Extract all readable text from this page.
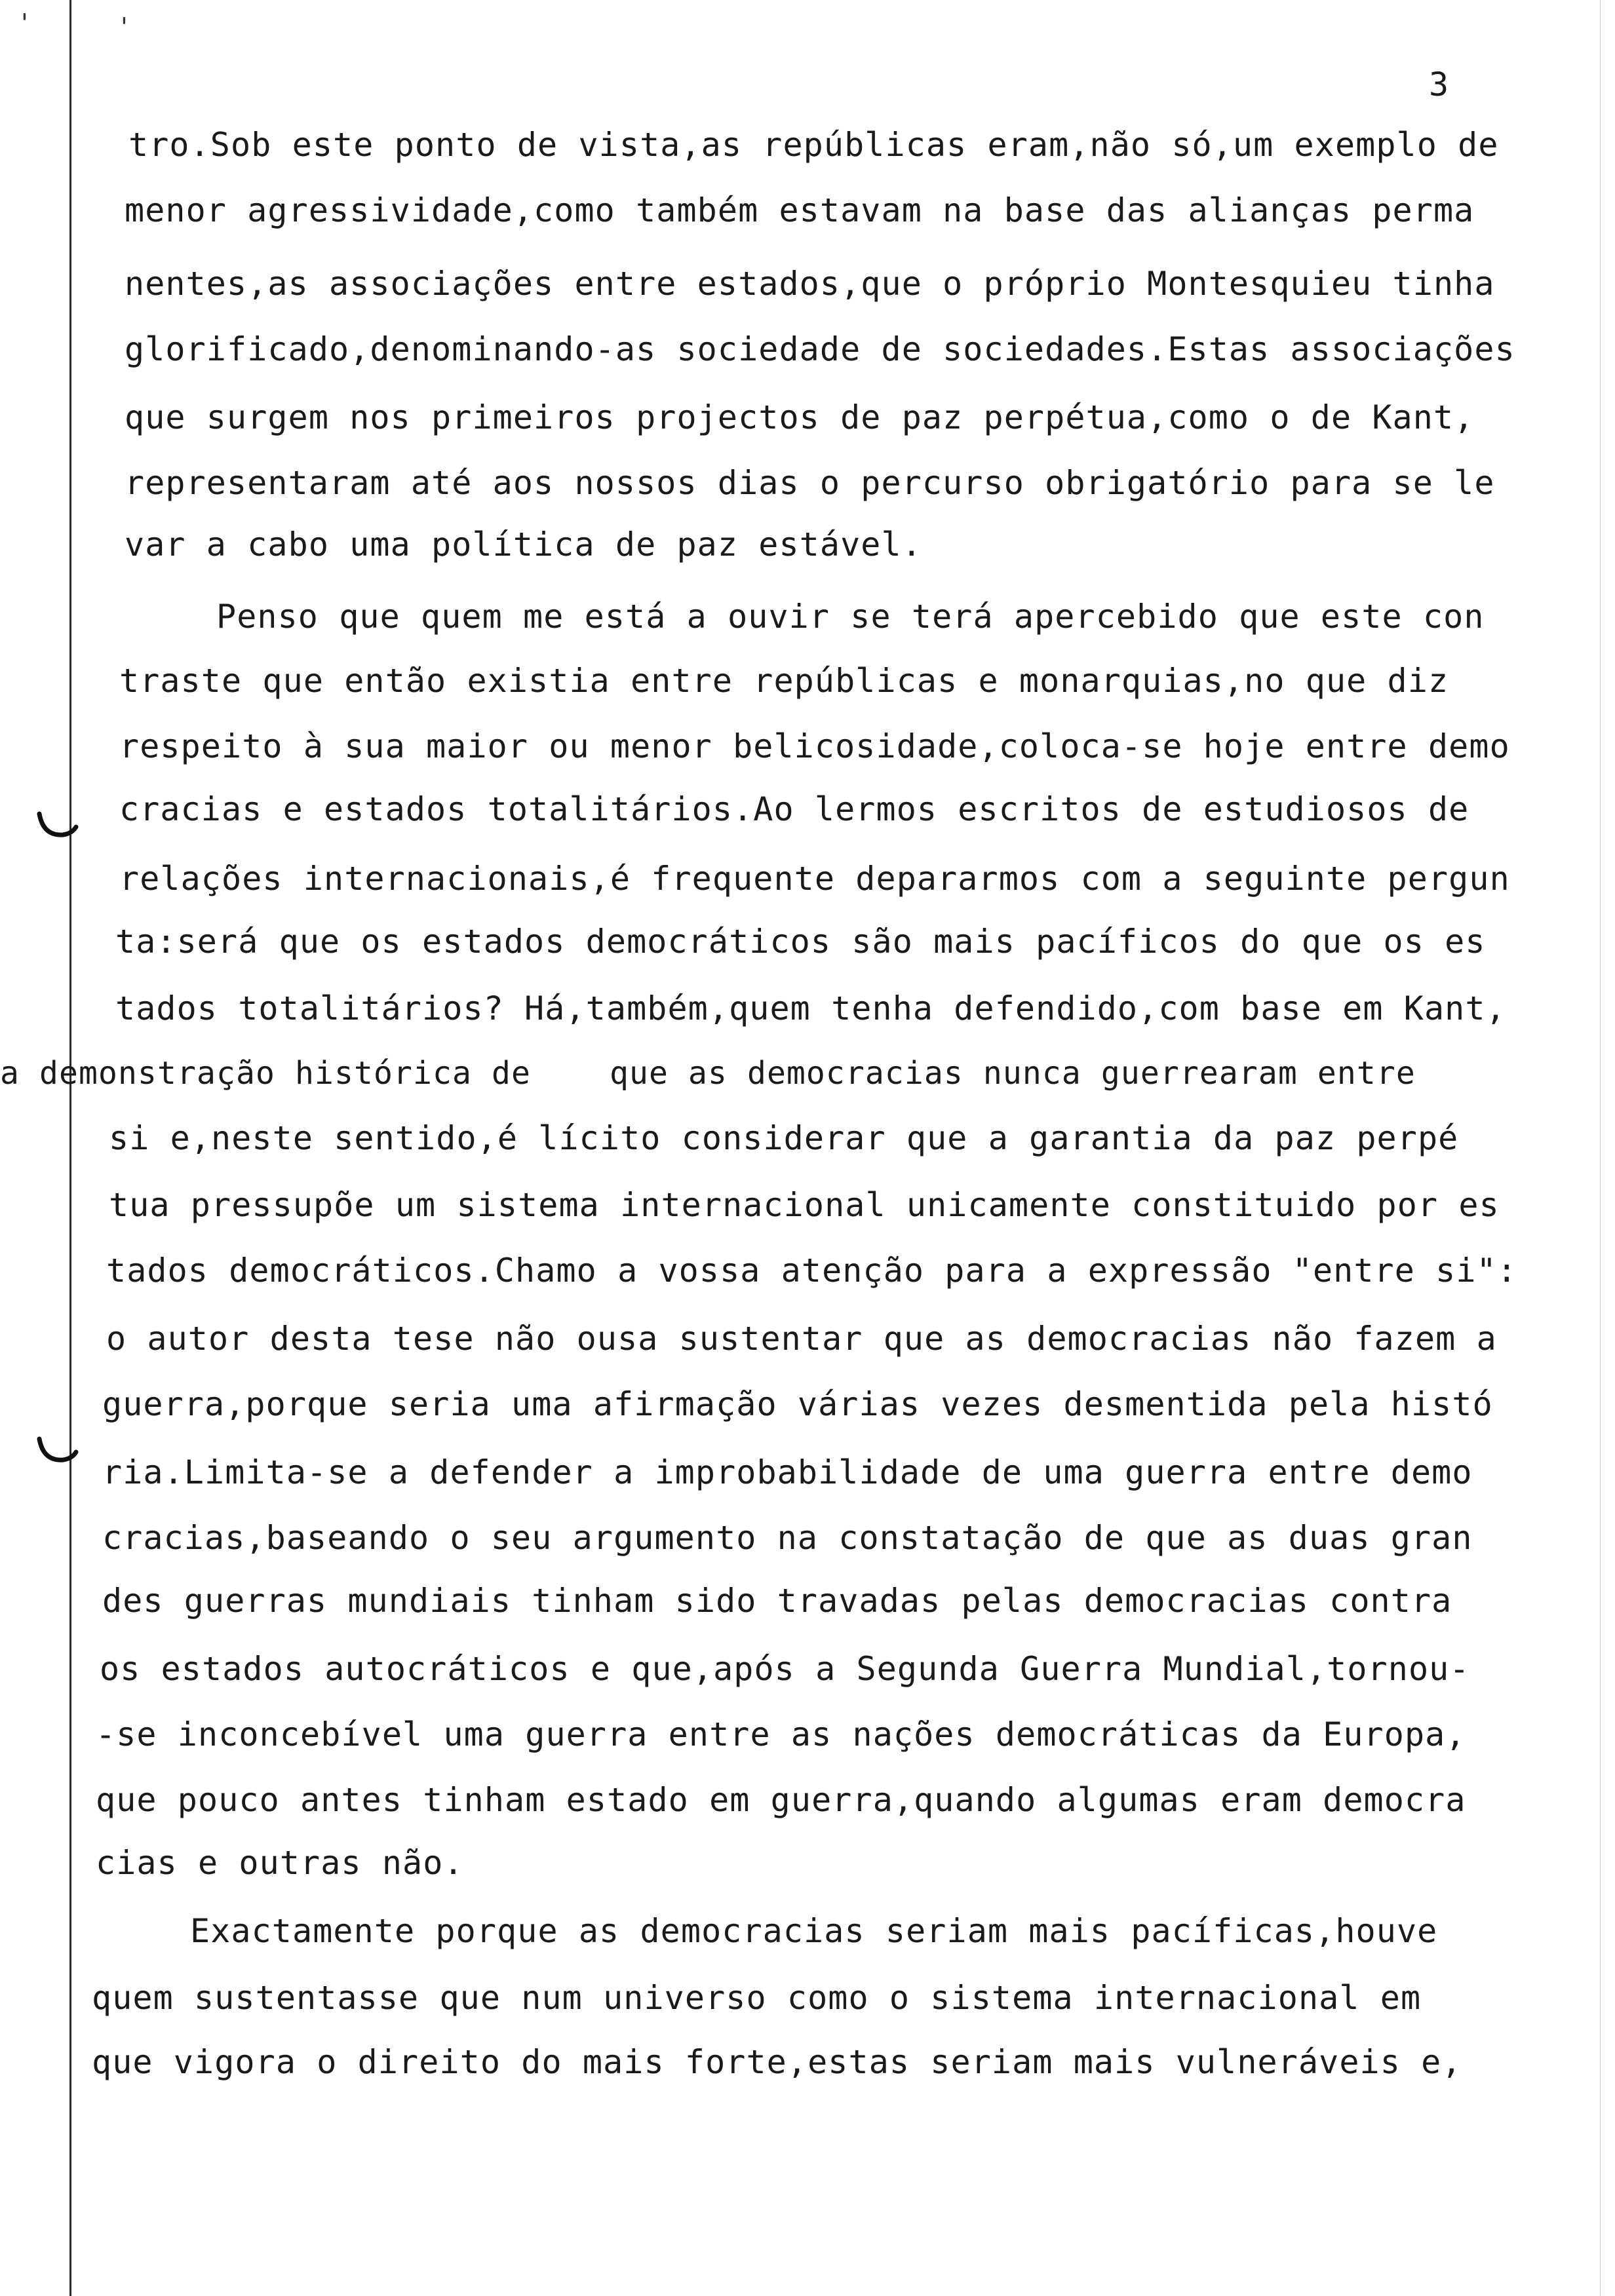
'	'
3
tro.Sob este ponto de vista,as repúblicas eram,não só,um exemplo de
menor agressividade,como também estavam na base das alianças perma
nentes,as associações entre estados,que o próprio Montesquieu tinha
glorificado,denominando-as sociedade de sociedades.Estas associações
que surgem nos primeiros projectos de paz perpétua,como o de Kant,
representaram até aos nossos dias o percurso obrigatório para se le
var a cabo uma política de paz estável.
Penso que quem me está a ouvir se terá apercebido que este con
traste que então existia entre repúblicas e monarquias,no que diz
respeito à sua maior ou menor belicosidade,coloca-se hoje entre demo
cracias e estados totalitários.Ao lermos escritos de estudiosos de
relações internacionais,é frequente depararmos com a seguinte pergun
ta:será que os estados democráticos são mais pacíficos do que os es
tados totalitários? Há,também,quem tenha defendido,com base em Kant,
a demonstração histórica de    que as democracias nunca guerrearam entre
si e,neste sentido,é lícito considerar que a garantia da paz perpé
tua pressupõe um sistema internacional unicamente constituido por es
tados democráticos.Chamo a vossa atenção para a expressão "entre si":
o autor desta tese não ousa sustentar que as democracias não fazem a
guerra,porque seria uma afirmação várias vezes desmentida pela histó
ria.Limita-se a defender a improbabilidade de uma guerra entre demo
cracias,baseando o seu argumento na constatação de que as duas gran
des guerras mundiais tinham sido travadas pelas democracias contra
os estados autocráticos e que,após a Segunda Guerra Mundial,tornou-
-se inconcebível uma guerra entre as nações democráticas da Europa,
que pouco antes tinham estado em guerra,quando algumas eram democra
cias e outras não.
Exactamente porque as democracias seriam mais pacíficas,houve
quem sustentasse que num universo como o sistema internacional em
que vigora o direito do mais forte,estas seriam mais vulneráveis e,
